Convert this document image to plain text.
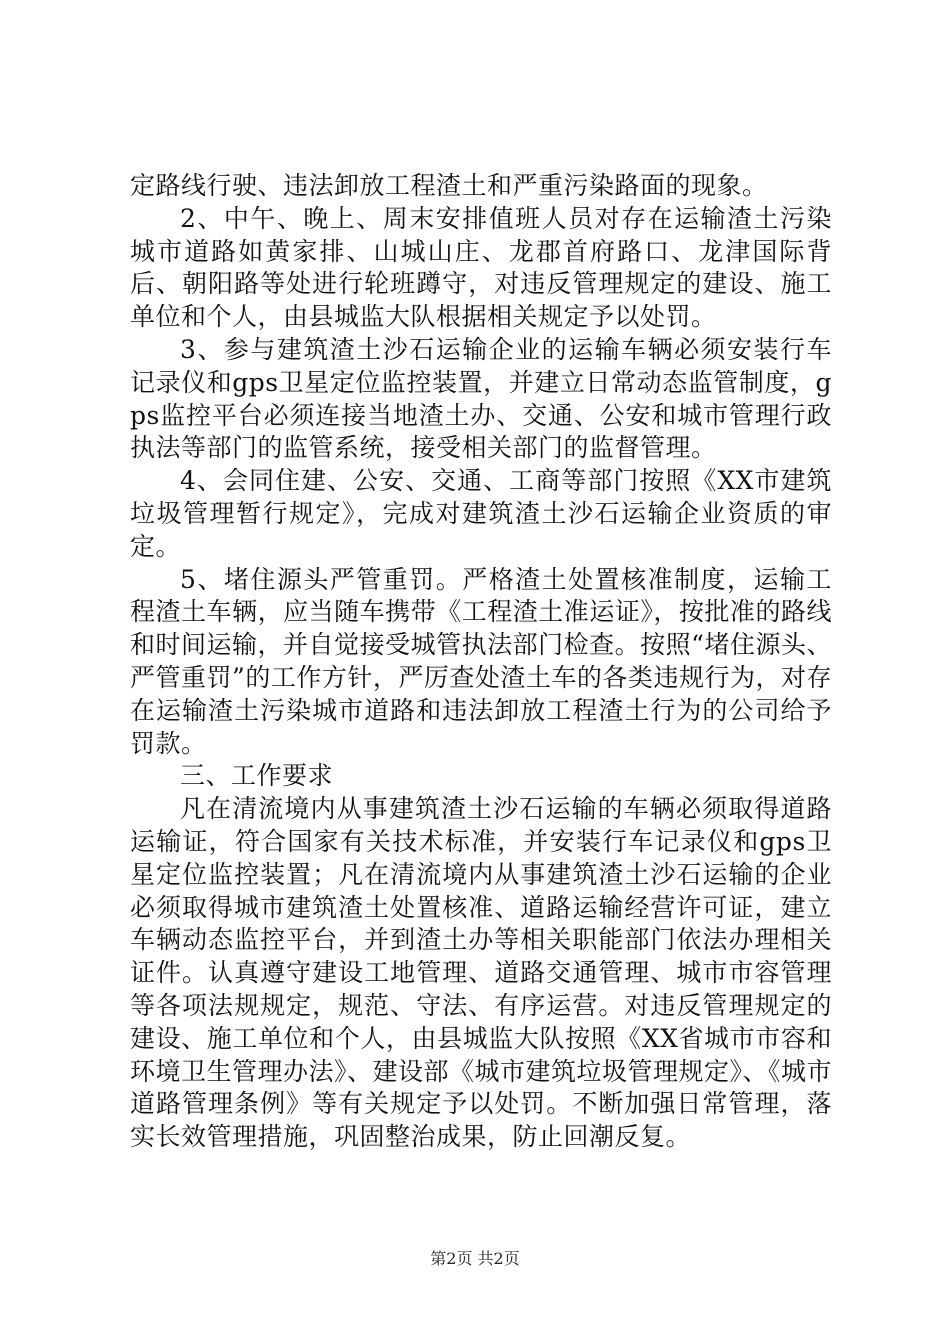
定路线行驶、违法卸放工程渣土和严重污染路面的现象。

2、中午、晚上、周末安排值班人员对存在运输渣土污染城市道路如黄家排、山城山庄、龙郡首府路口、龙津国际背后、朝阳路等处进行轮班蹲守，对违反管理规定的建设、施工单位和个人，由县城监大队根据相关规定予以处罚。

3、参与建筑渣土沙石运输企业的运输车辆必须安装行车记录仪和gps卫星定位监控装置，并建立日常动态监管制度，gps监控平台必须连接当地渣土办、交通、公安和城市管理行政执法等部门的监管系统，接受相关部门的监督管理。

4、会同住建、公安、交通、工商等部门按照《XX市建筑垃圾管理暂行规定》，完成对建筑渣土沙石运输企业资质的审定。

5、堵住源头严管重罚。严格渣土处置核准制度，运输工程渣土车辆，应当随车携带《工程渣土准运证》，按批准的路线和时间运输，并自觉接受城管执法部门检查。按照“堵住源头、严管重罚”的工作方针，严厉查处渣土车的各类违规行为，对存在运输渣土污染城市道路和违法卸放工程渣土行为的公司给予罚款。

三、工作要求

凡在清流境内从事建筑渣土沙石运输的车辆必须取得道路运输证，符合国家有关技术标准，并安装行车记录仪和gps卫星定位监控装置；凡在清流境内从事建筑渣土沙石运输的企业必须取得城市建筑渣土处置核准、道路运输经营许可证，建立车辆动态监控平台，并到渣土办等相关职能部门依法办理相关证件。认真遵守建设工地管理、道路交通管理、城市市容管理等各项法规规定，规范、守法、有序运营。对违反管理规定的建设、施工单位和个人，由县城监大队按照《XX省城市市容和环境卫生管理办法》、建设部《城市建筑垃圾管理规定》、《城市道路管理条例》等有关规定予以处罚。不断加强日常管理，落实长效管理措施，巩固整治成果，防止回潮反复。

第2页 共2页
